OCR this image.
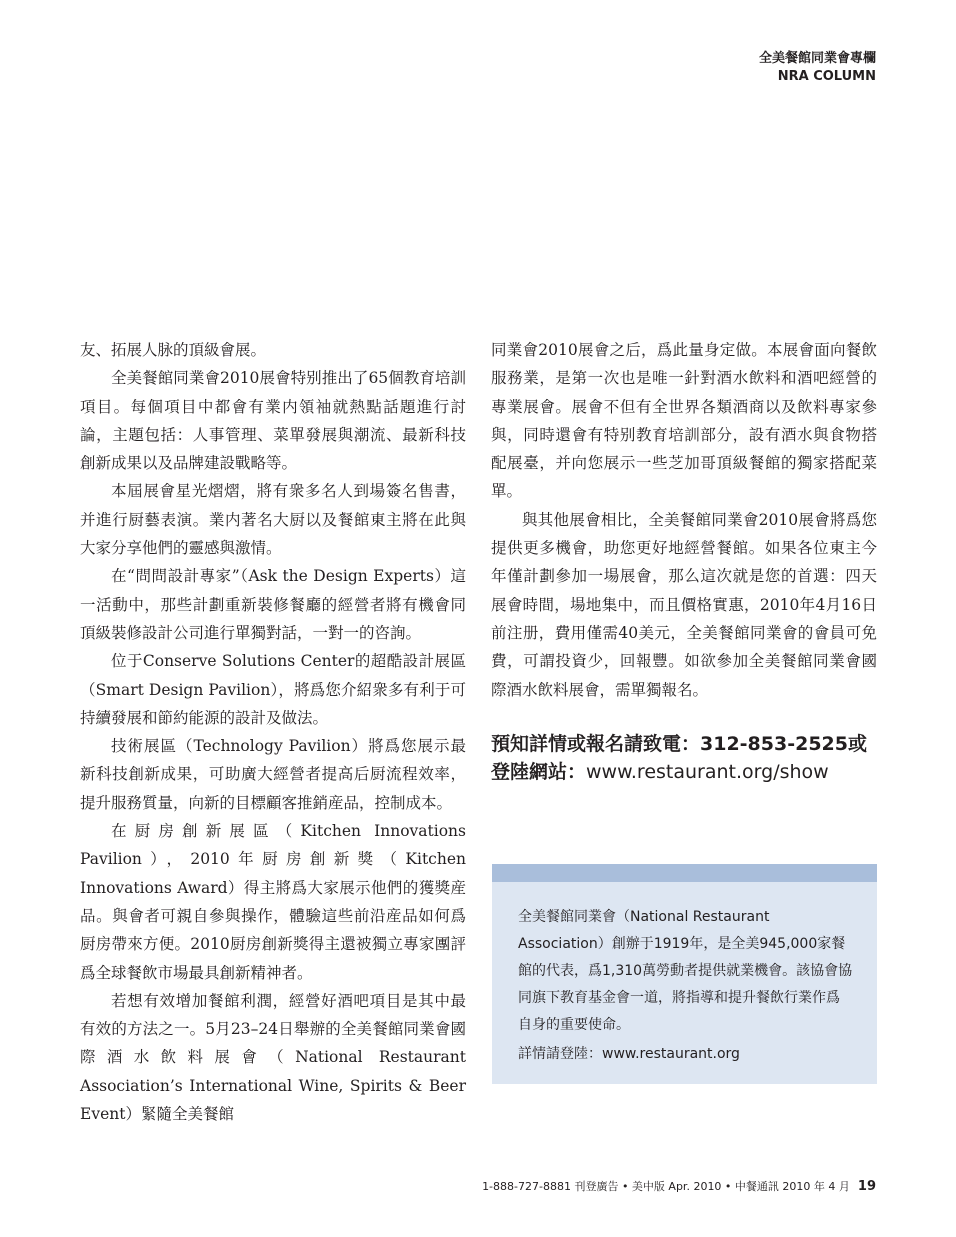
全美餐館同業會專欄
NRA COLUMN

友、拓展人脉的頂級會展。

全美餐館同業會2010展會特别推出了65個教育培訓項目。每個項目中都會有業内領袖就熱點話題進行討論，主題包括：人事管理、菜單發展與潮流、最新科技創新成果以及品牌建設戰略等。

本屆展會星光熠熠，將有衆多名人到場簽名售書，并進行厨藝表演。業内著名大厨以及餐館東主將在此與大家分享他們的靈感與激情。

在“問問設計專家”（Ask the Design Experts）這一活動中，那些計劃重新裝修餐廳的經營者將有機會同頂級裝修設計公司進行單獨對話，一對一的咨詢。

位于Conserve Solutions Center的超酷設計展區（Smart Design Pavilion），將爲您介紹衆多有利于可持續發展和節約能源的設計及做法。

技術展區（Technology Pavilion）將爲您展示最新科技創新成果，可助廣大經營者提高后厨流程效率，提升服務質量，向新的目標顧客推銷産品，控制成本。

在厨房創新展區（Kitchen Innovations Pavilion），2010年厨房創新獎（Kitchen Innovations Award）得主將爲大家展示他們的獲獎産品。與會者可親自參與操作，體驗這些前沿産品如何爲厨房帶來方便。2010厨房創新獎得主還被獨立專家團評爲全球餐飲市場最具創新精神者。

若想有效增加餐館利潤，經營好酒吧項目是其中最有效的方法之一。5月23–24日舉辦的全美餐館同業會國際酒水飲料展會（National Restaurant Association’s International Wine, Spirits & Beer Event）緊隨全美餐館

同業會2010展會之后，爲此量身定做。本展會面向餐飲服務業，是第一次也是唯一針對酒水飲料和酒吧經營的專業展會。展會不但有全世界各類酒商以及飲料專家參與，同時還會有特别教育培訓部分，設有酒水與食物搭配展臺，并向您展示一些芝加哥頂級餐館的獨家搭配菜單。

與其他展會相比，全美餐館同業會2010展會將爲您提供更多機會，助您更好地經營餐館。如果各位東主今年僅計劃參加一場展會，那么這次就是您的首選：四天展會時間，場地集中，而且價格實惠，2010年4月16日前注册，費用僅需40美元，全美餐館同業會的會員可免費，可謂投資少，回報豐。如欲參加全美餐館同業會國際酒水飲料展會，需單獨報名。

預知詳情或報名請致電：312-853-2525或登陸網站：www.restaurant.org/show
全美餐館同業會（National Restaurant Association）創辦于1919年，是全美945,000家餐館的代表，爲1,310萬勞動者提供就業機會。該協會協同旗下教育基金會一道，將指導和提升餐飲行業作爲自身的重要使命。
詳情請登陸：www.restaurant.org
1-888-727-8881 刊登廣告 • 美中版 Apr. 2010 • 中餐通訊 2010 年 4 月 19
